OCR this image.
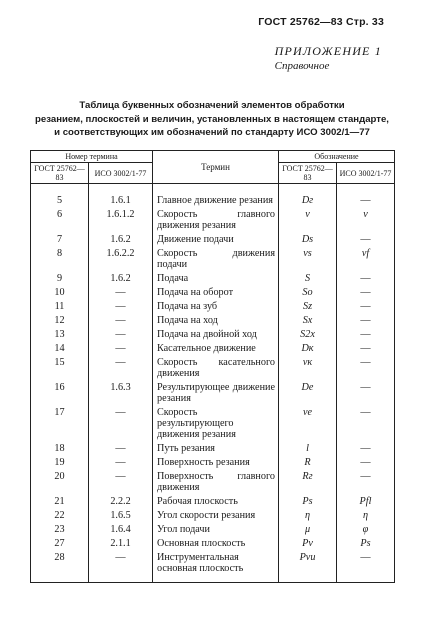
ГОСТ 25762—83 Стр. 33
ПРИЛОЖЕНИЕ 1
Справочное
Таблица буквенных обозначений элементов обработки
резанием, плоскостей и величин, установленных в настоящем стандарте,
и соответствующих им обозначений по стандарту ИСО 3002/1—77
Номер термина		Термин	Обозначение	
ГОСТ 25762—83	ИСО 3002/1-77		ГОСТ 25762—83	ИСО 3002/1-77
5	1.6.1	Главное движение резания	Dг	—
6	1.6.1.2	Скорость главного движения резания	v	v
7	1.6.2	Движение подачи	Ds	—
8	1.6.2.2	Скорость движения подачи	vs	vf
9	1.6.2	Подача	S	—
10	—	Подача на оборот	So	—
11	—	Подача на зуб	Sz	—
12	—	Подача на ход	Sx	—
13	—	Подача на двойной ход	S2x	—
14	—	Касательное движение	Dк	—
15	—	Скорость касательного движения	vк	—
16	1.6.3	Результирующее движение резания	De	—
17	—	Скорость результирующего движения резания	ve	—
18	—	Путь резания	l	—
19	—	Поверхность резания	R	—
20	—	Поверхность главного движения	Rг	—
21	2.2.2	Рабочая плоскость	Ps	Pfl
22	1.6.5	Угол скорости резания	η	η
23	1.6.4	Угол подачи	μ	φ
27	2.1.1	Основная плоскость	Pv	Ps
28	—	Инструментальная основная плоскость	Pvи	—
